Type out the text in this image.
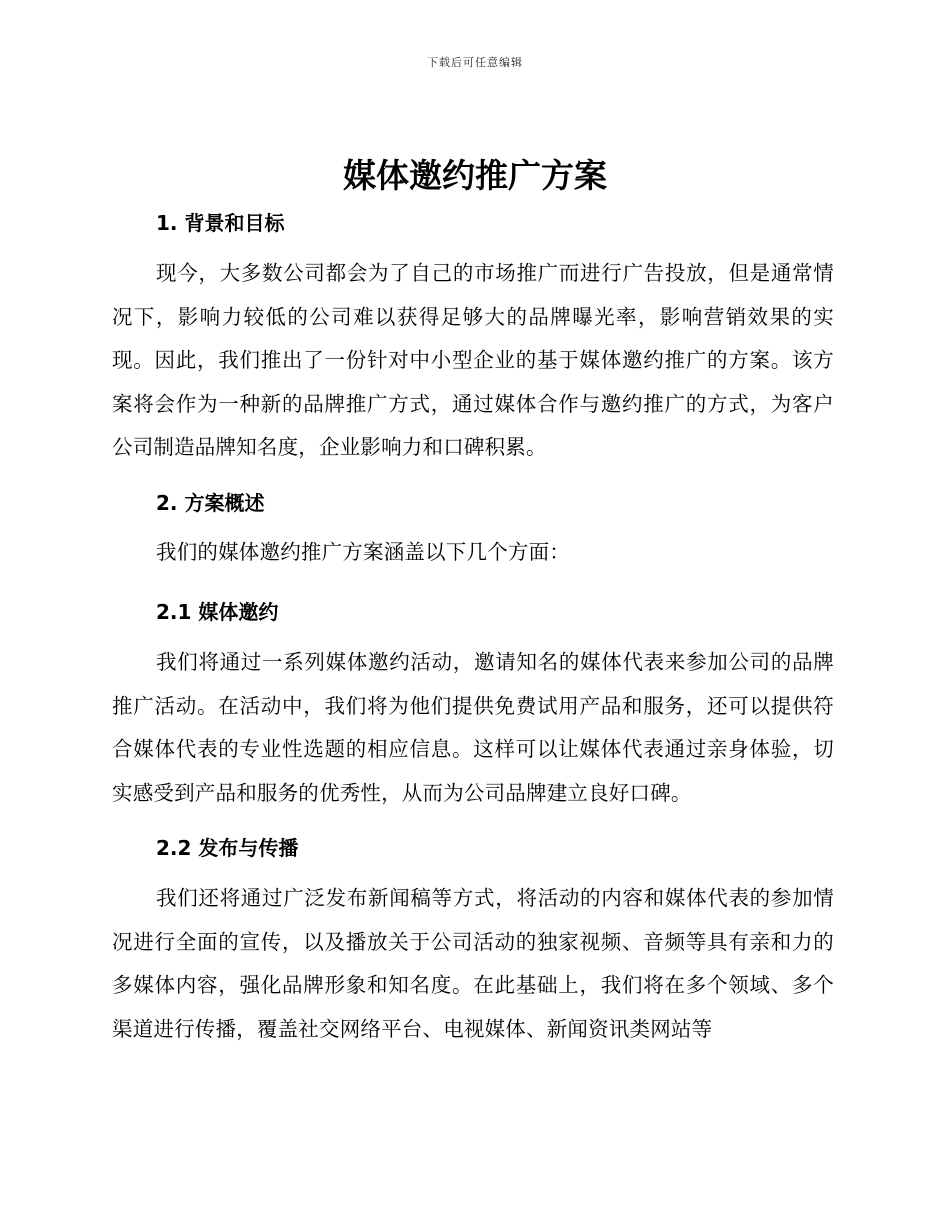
下载后可任意编辑
媒体邀约推广方案
1. 背景和目标

现今，大多数公司都会为了自己的市场推广而进行广告投放，但是通常情况下，影响力较低的公司难以获得足够大的品牌曝光率，影响营销效果的实现。因此，我们推出了一份针对中小型企业的基于媒体邀约推广的方案。该方案将会作为一种新的品牌推广方式，通过媒体合作与邀约推广的方式，为客户公司制造品牌知名度，企业影响力和口碑积累。

2. 方案概述

我们的媒体邀约推广方案涵盖以下几个方面：

2.1 媒体邀约

我们将通过一系列媒体邀约活动，邀请知名的媒体代表来参加公司的品牌推广活动。在活动中，我们将为他们提供免费试用产品和服务，还可以提供符合媒体代表的专业性选题的相应信息。这样可以让媒体代表通过亲身体验，切实感受到产品和服务的优秀性，从而为公司品牌建立良好口碑。

2.2 发布与传播

我们还将通过广泛发布新闻稿等方式，将活动的内容和媒体代表的参加情况进行全面的宣传，以及播放关于公司活动的独家视频、音频等具有亲和力的多媒体内容，强化品牌形象和知名度。在此基础上，我们将在多个领域、多个渠道进行传播，覆盖社交网络平台、电视媒体、新闻资讯类网站等
